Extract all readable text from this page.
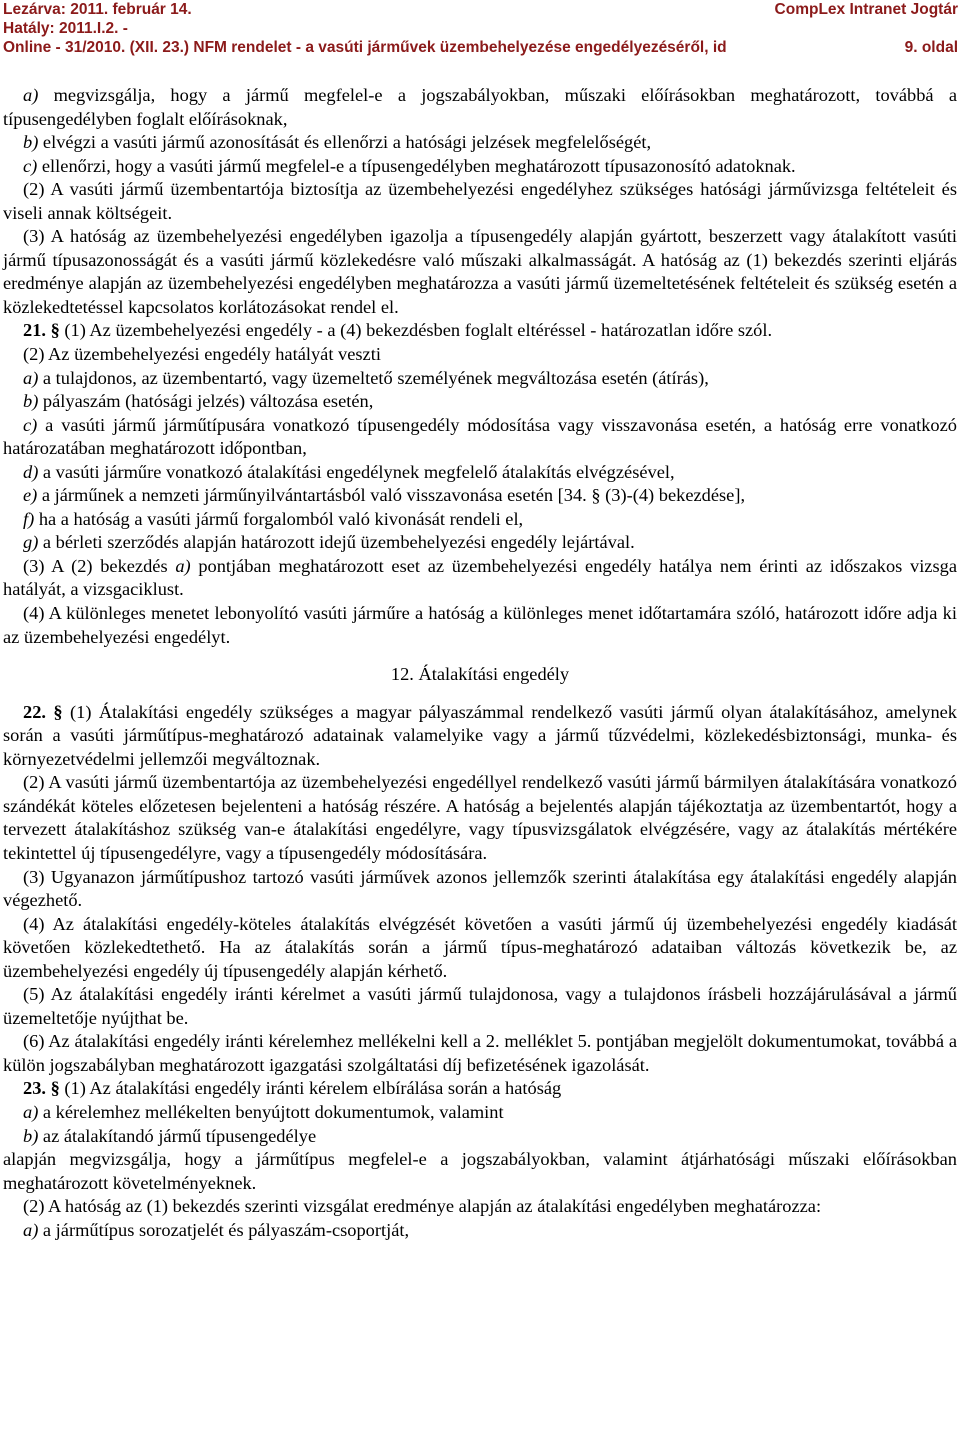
Lezárva: 2011. február 14.	CompLex Intranet Jogtár
Hatály: 2011.I.2. -
Online - 31/2010. (XII. 23.) NFM rendelet - a vasúti járművek üzembehelyezése engedélyezéséről, id	9. oldal

a) megvizsgálja, hogy a jármű megfelel-e a jogszabályokban, műszaki előírásokban meghatározott, továbbá a típusengedélyben foglalt előírásoknak,

b) elvégzi a vasúti jármű azonosítását és ellenőrzi a hatósági jelzések megfelelőségét,

c) ellenőrzi, hogy a vasúti jármű megfelel-e a típusengedélyben meghatározott típusazonosító adatoknak.

(2) A vasúti jármű üzembentartója biztosítja az üzembehelyezési engedélyhez szükséges hatósági járművizsga feltételeit és viseli annak költségeit.

(3) A hatóság az üzembehelyezési engedélyben igazolja a típusengedély alapján gyártott, beszerzett vagy átalakított vasúti jármű típusazonosságát és a vasúti jármű közlekedésre való műszaki alkalmasságát. A hatóság az (1) bekezdés szerinti eljárás eredménye alapján az üzembehelyezési engedélyben meghatározza a vasúti jármű üzemeltetésének feltételeit és szükség esetén a közlekedtetéssel kapcsolatos korlátozásokat rendel el.

21. § (1) Az üzembehelyezési engedély - a (4) bekezdésben foglalt eltéréssel - határozatlan időre szól.

(2) Az üzembehelyezési engedély hatályát veszti

a) a tulajdonos, az üzembentartó, vagy üzemeltető személyének megváltozása esetén (átírás),

b) pályaszám (hatósági jelzés) változása esetén,

c) a vasúti jármű járműtípusára vonatkozó típusengedély módosítása vagy visszavonása esetén, a hatóság erre vonatkozó határozatában meghatározott időpontban,

d) a vasúti járműre vonatkozó átalakítási engedélynek megfelelő átalakítás elvégzésével,

e) a járműnek a nemzeti járműnyilvántartásból való visszavonása esetén [34. § (3)-(4) bekezdése],

f) ha a hatóság a vasúti jármű forgalomból való kivonását rendeli el,

g) a bérleti szerződés alapján határozott idejű üzembehelyezési engedély lejártával.

(3) A (2) bekezdés a) pontjában meghatározott eset az üzembehelyezési engedély hatálya nem érinti az időszakos vizsga hatályát, a vizsgaciklust.

(4) A különleges menetet lebonyolító vasúti járműre a hatóság a különleges menet időtartamára szóló, határozott időre adja ki az üzembehelyezési engedélyt.

12. Átalakítási engedély

22. § (1) Átalakítási engedély szükséges a magyar pályaszámmal rendelkező vasúti jármű olyan átalakításához, amelynek során a vasúti járműtípus-meghatározó adatainak valamelyike vagy a jármű tűzvédelmi, közlekedésbiztonsági, munka- és környezetvédelmi jellemzői megváltoznak.

(2) A vasúti jármű üzembentartója az üzembehelyezési engedéllyel rendelkező vasúti jármű bármilyen átalakítására vonatkozó szándékát köteles előzetesen bejelenteni a hatóság részére. A hatóság a bejelentés alapján tájékoztatja az üzembentartót, hogy a tervezett átalakításhoz szükség van-e átalakítási engedélyre, vagy típusvizsgálatok elvégzésére, vagy az átalakítás mértékére tekintettel új típusengedélyre, vagy a típusengedély módosítására.

(3) Ugyanazon járműtípushoz tartozó vasúti járművek azonos jellemzők szerinti átalakítása egy átalakítási engedély alapján végezhető.

(4) Az átalakítási engedély-köteles átalakítás elvégzését követően a vasúti jármű új üzembehelyezési engedély kiadását követően közlekedtethető. Ha az átalakítás során a jármű típus-meghatározó adataiban változás következik be, az üzembehelyezési engedély új típusengedély alapján kérhető.

(5) Az átalakítási engedély iránti kérelmet a vasúti jármű tulajdonosa, vagy a tulajdonos írásbeli hozzájárulásával a jármű üzemeltetője nyújthat be.

(6) Az átalakítási engedély iránti kérelemhez mellékelni kell a 2. melléklet 5. pontjában megjelölt dokumentumokat, továbbá a külön jogszabályban meghatározott igazgatási szolgáltatási díj befizetésének igazolását.

23. § (1) Az átalakítási engedély iránti kérelem elbírálása során a hatóság

a) a kérelemhez mellékelten benyújtott dokumentumok, valamint

b) az átalakítandó jármű típusengedélye

alapján megvizsgálja, hogy a járműtípus megfelel-e a jogszabályokban, valamint átjárhatósági műszaki előírásokban meghatározott követelményeknek.

(2) A hatóság az (1) bekezdés szerinti vizsgálat eredménye alapján az átalakítási engedélyben meghatározza:

a) a járműtípus sorozatjelét és pályaszám-csoportját,
